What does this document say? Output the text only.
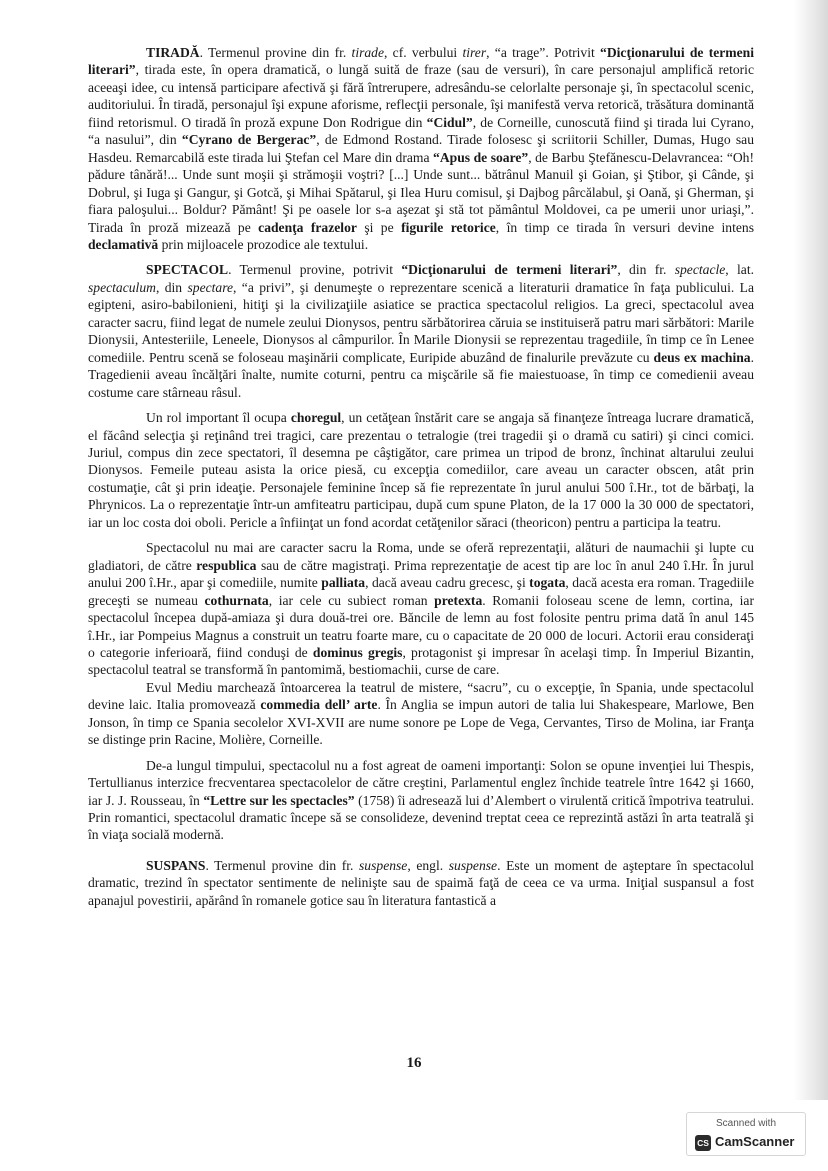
TIRADĂ. Termenul provine din fr. tirade, cf. verbului tirer, “a trage”. Potrivit “Dicţionarului de termeni literari”, tirada este, în opera dramatică, o lungă suită de fraze (sau de versuri), în care personajul amplifică retoric aceeaşi idee, cu intensă participare afectivă şi fără întrerupere, adresându-se celorlalte personaje şi, în spectacolul scenic, auditoriului. În tiradă, personajul îşi expune aforisme, reflecţii personale, îşi manifestă verva retorică, trăsătura dominantă fiind retorismul. O tiradă în proză expune Don Rodrigue din “Cidul”, de Corneille, cunoscută fiind şi tirada lui Cyrano, “a nasului”, din “Cyrano de Bergerac”, de Edmond Rostand. Tirade folosesc şi scriitorii Schiller, Dumas, Hugo sau Hasdeu. Remarcabilă este tirada lui Ştefan cel Mare din drama “Apus de soare”, de Barbu Ştefănescu-Delavrancea: “Oh! pădure tânără!... Unde sunt moşii şi strămoşii voştri? [...] Unde sunt... bătrânul Manuil şi Goian, şi Ştibor, şi Cânde, şi Dobrul, şi Iuga şi Gangur, şi Gotcă, şi Mihai Spătarul, şi Ilea Huru comisul, şi Dajbog pârcălabul, şi Oană, şi Gherman, şi fiara paloşului... Boldur? Pământ! Şi pe oasele lor s-a aşezat şi stă tot pământul Moldovei, ca pe umerii unor uriaşi,”. Tirada în proză mizează pe cadenţa frazelor şi pe figurile retorice, în timp ce tirada în versuri devine intens declamativă prin mijloacele prozodice ale textului.

SPECTACOL. Termenul provine, potrivit “Dicţionarului de termeni literari”, din fr. spectacle, lat. spectaculum, din spectare, “a privi”, şi denumeşte o reprezentare scenică a literaturii dramatice în faţa publicului. La egipteni, asiro-babilonieni, hitiţi şi la civilizaţiile asiatice se practica spectacolul religios. La greci, spectacolul avea caracter sacru, fiind legat de numele zeului Dionysos, pentru sărbătorirea căruia se instituiseră patru mari sărbători: Marile Dionysii, Antesteriile, Leneele, Dionysos al câmpurilor. În Marile Dionysii se reprezentau tragediile, în timp ce în Lenee comediile. Pentru scenă se foloseau maşinării complicate, Euripide abuzând de finalurile prevăzute cu deus ex machina. Tragedienii aveau încălţări înalte, numite coturni, pentru ca mişcările să fie maiestuoase, în timp ce comedienii aveau costume care stârneau râsul.

Un rol important îl ocupa choregul, un cetăţean înstărit care se angaja să finanţeze întreaga lucrare dramatică, el făcând selecţia şi reţinând trei tragici, care prezentau o tetralogie (trei tragedii şi o dramă cu satiri) şi cinci comici. Juriul, compus din zece spectatori, îl desemna pe câştigător, care primea un tripod de bronz, închinat altarului zeului Dionysos. Femeile puteau asista la orice piesă, cu excepţia comediilor, care aveau un caracter obscen, atât prin costumaţie, cât şi prin ideaţie. Personajele feminine încep să fie reprezentate în jurul anului 500 î.Hr., tot de bărbaţi, la Phrynicos. La o reprezentaţie într-un amfiteatru participau, după cum spune Platon, de la 17 000 la 30 000 de spectatori, iar un loc costa doi oboli. Pericle a înfiinţat un fond acordat cetăţenilor săraci (theoricon) pentru a participa la teatru.

Spectacolul nu mai are caracter sacru la Roma, unde se oferă reprezentaţii, alături de naumachii şi lupte cu gladiatori, de către respublica sau de către magistraţi. Prima reprezentaţie de acest tip are loc în anul 240 î.Hr. În jurul anului 200 î.Hr., apar şi comediile, numite palliata, dacă aveau cadru grecesc, şi togata, dacă acesta era roman. Tragediile greceşti se numeau cothurnata, iar cele cu subiect roman pretexta. Romanii foloseau scene de lemn, cortina, iar spectacolul începea după-amiaza şi dura două-trei ore. Băncile de lemn au fost folosite pentru prima dată în anul 145 î.Hr., iar Pompeius Magnus a construit un teatru foarte mare, cu o capacitate de 20 000 de locuri. Actorii erau consideraţi o categorie inferioară, fiind conduşi de dominus gregis, protagonist şi impresar în acelaşi timp. În Imperiul Bizantin, spectacolul teatral se transformă în pantomimă, bestiomachii, curse de care.

Evul Mediu marchează întoarcerea la teatrul de mistere, “sacru”, cu o excepţie, în Spania, unde spectacolul devine laic. Italia promovează commedia dell’ arte. În Anglia se impun autori de talia lui Shakespeare, Marlowe, Ben Jonson, în timp ce Spania secolelor XVI-XVII are nume sonore pe Lope de Vega, Cervantes, Tirso de Molina, iar Franţa se distinge prin Racine, Molière, Corneille.

De-a lungul timpului, spectacolul nu a fost agreat de oameni importanţi: Solon se opune invenţiei lui Thespis, Tertullianus interzice frecventarea spectacolelor de către creştini, Parlamentul englez închide teatrele între 1642 şi 1660, iar J. J. Rousseau, în “Lettre sur les spectacles” (1758) îi adresează lui d’Alembert o virulentă critică împotriva teatrului. Prin romantici, spectacolul dramatic începe să se consolideze, devenind treptat ceea ce reprezintă astăzi în arta teatrală şi în viaţa socială modernă.

SUSPANS. Termenul provine din fr. suspense, engl. suspense. Este un moment de aşteptare în spectacolul dramatic, trezind în spectator sentimente de nelinişte sau de spaimă faţă de ceea ce va urma. Iniţial suspansul a fost apanajul povestirii, apărând în romanele gotice sau în literatura fantastică a

16
Scanned with
CS CamScanner
